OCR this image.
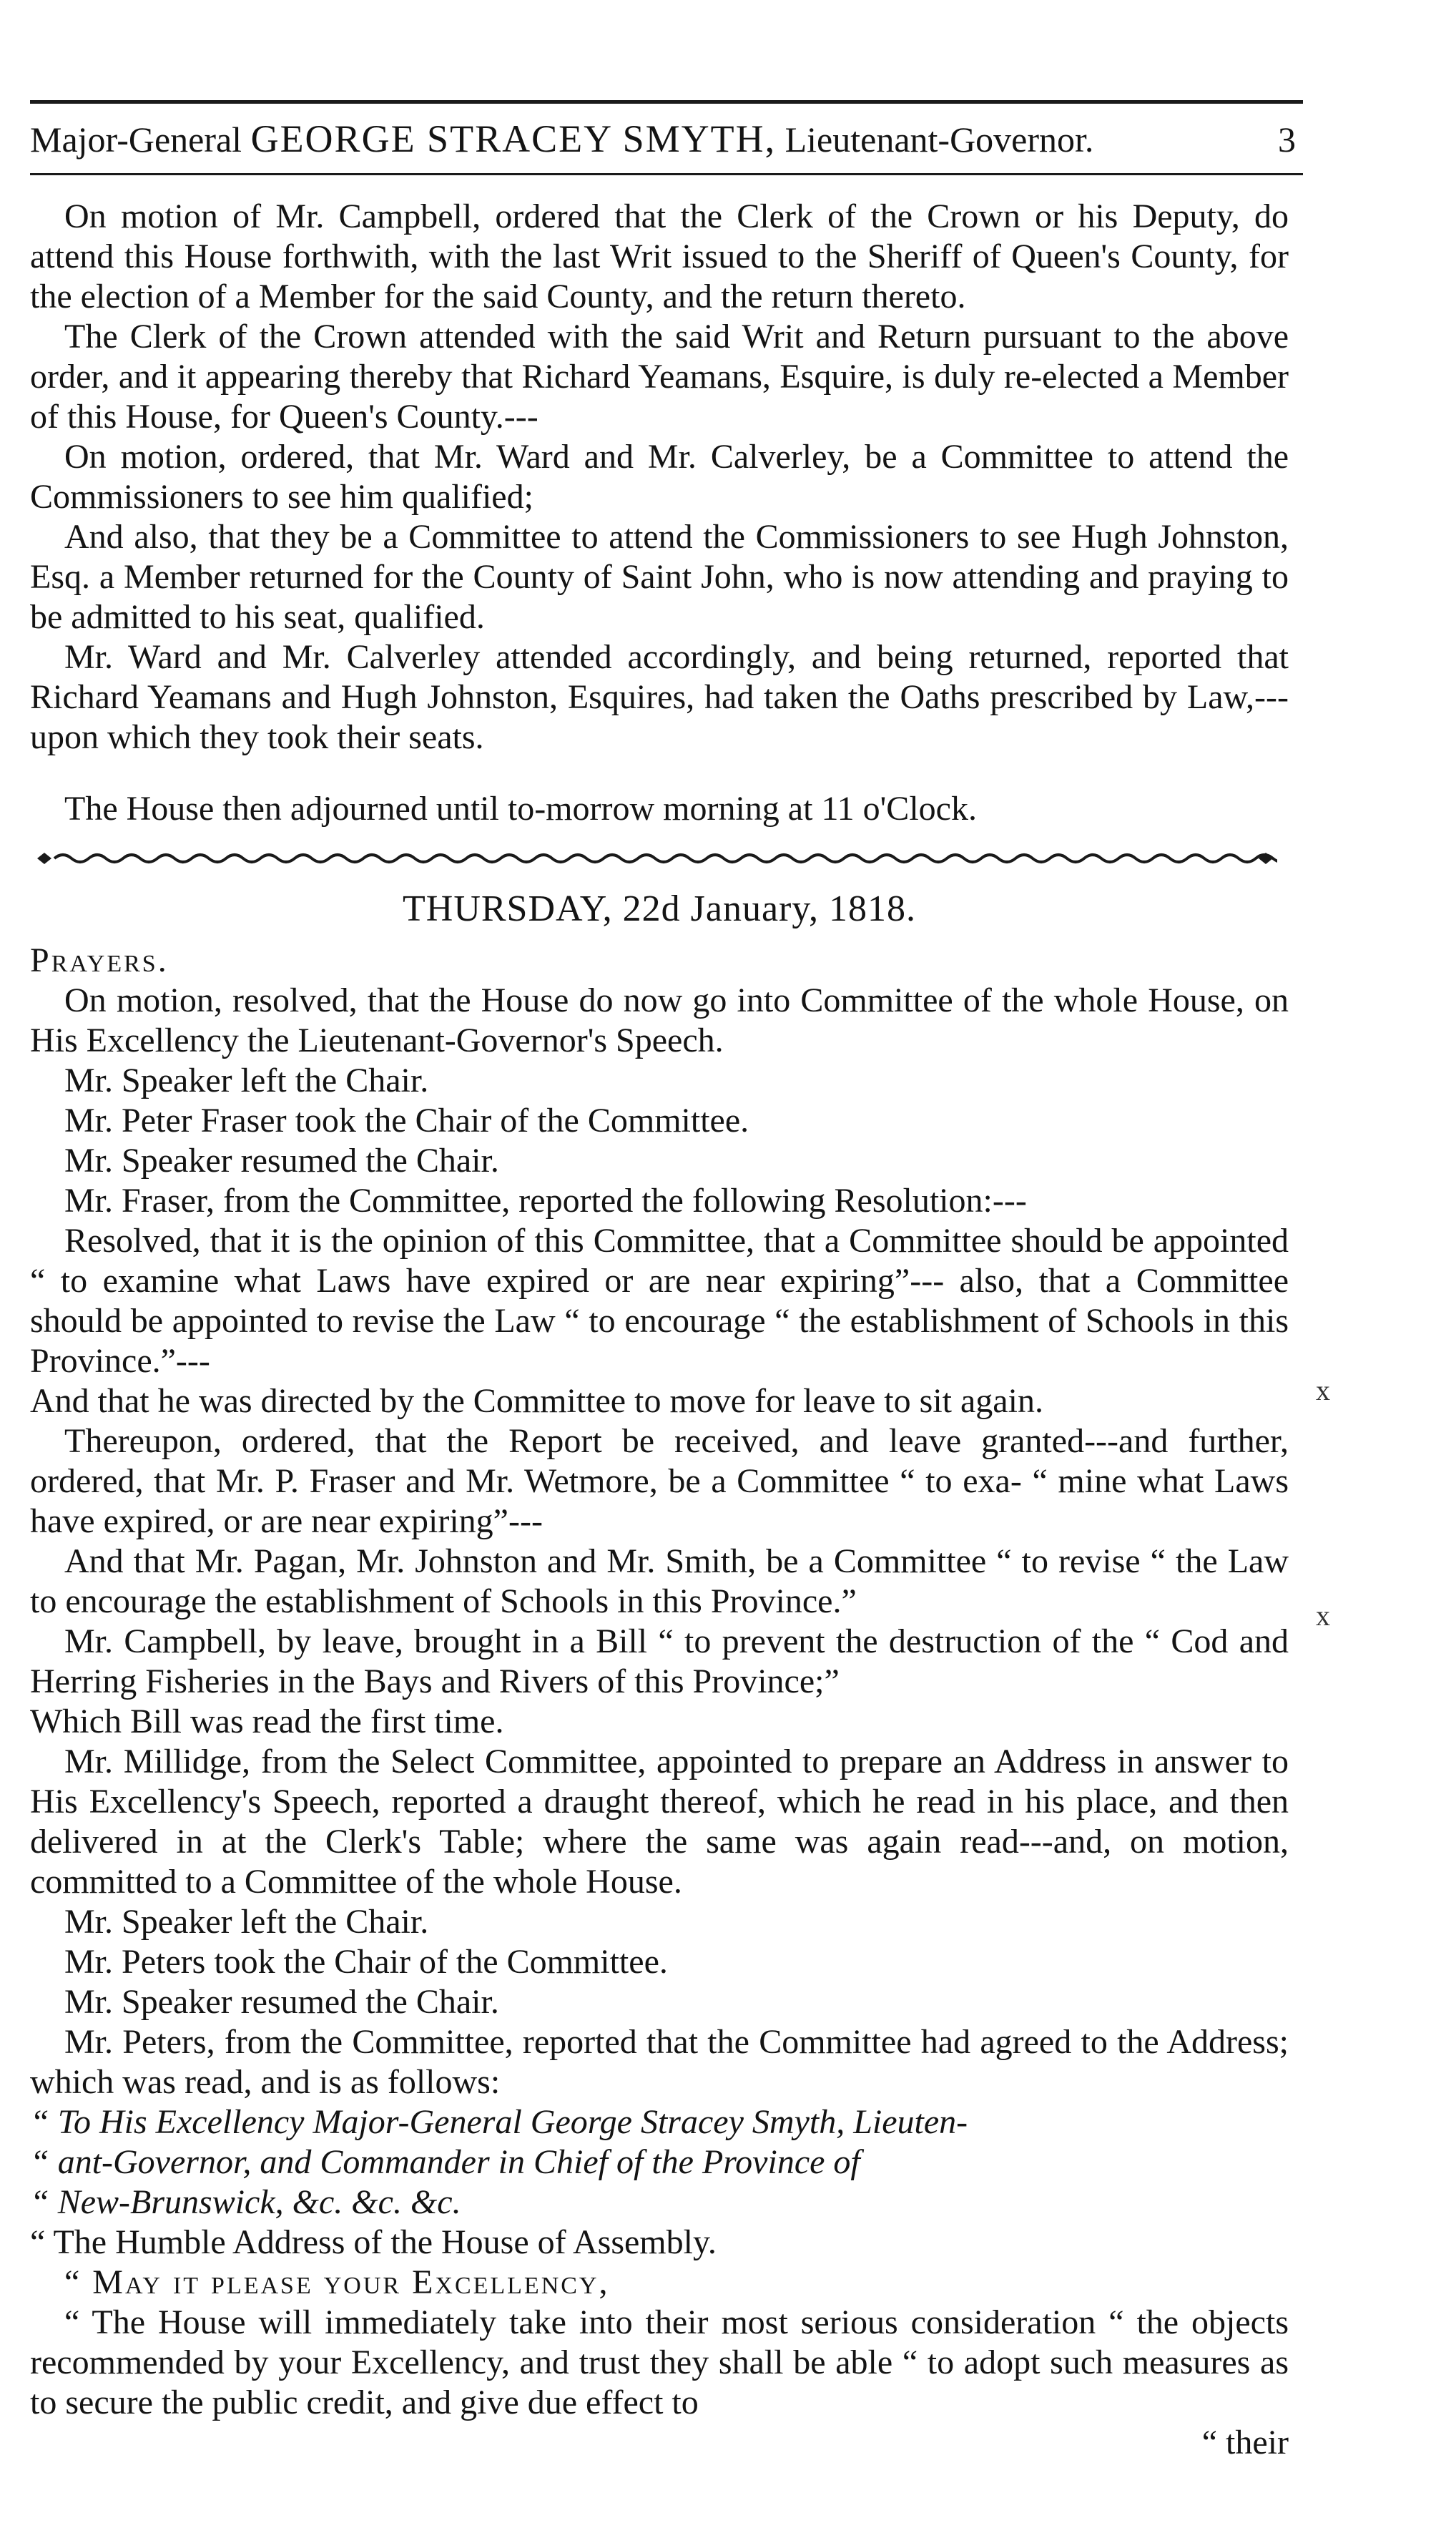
Major-General GEORGE STRACEY SMYTH, Lieutenant-Governor.	3

On motion of Mr. Campbell, ordered that the Clerk of the Crown or his Deputy, do attend this House forthwith, with the last Writ issued to the Sheriff of Queen's County, for the election of a Member for the said County, and the return thereto.

The Clerk of the Crown attended with the said Writ and Return pursuant to the above order, and it appearing thereby that Richard Yeamans, Esquire, is duly re-elected a Member of this House, for Queen's County.---

On motion, ordered, that Mr. Ward and Mr. Calverley, be a Committee to attend the Commissioners to see him qualified;

And also, that they be a Committee to attend the Commissioners to see Hugh Johnston, Esq. a Member returned for the County of Saint John, who is now attending and praying to be admitted to his seat, qualified.

Mr. Ward and Mr. Calverley attended accordingly, and being returned, reported that Richard Yeamans and Hugh Johnston, Esquires, had taken the Oaths prescribed by Law,---upon which they took their seats.

The House then adjourned until to-morrow morning at 11 o'Clock.

THURSDAY, 22d January, 1818.

Prayers.

On motion, resolved, that the House do now go into Committee of the whole House, on His Excellency the Lieutenant-Governor's Speech.

Mr. Speaker left the Chair.

Mr. Peter Fraser took the Chair of the Committee.

Mr. Speaker resumed the Chair.

Mr. Fraser, from the Committee, reported the following Resolution:---

Resolved, that it is the opinion of this Committee, that a Committee should be appointed “ to examine what Laws have expired or are near expiring”--- also, that a Committee should be appointed to revise the Law “ to encourage “ the establishment of Schools in this Province.”---

And that he was directed by the Committee to move for leave to sit again.

Thereupon, ordered, that the Report be received, and leave granted---and further, ordered, that Mr. P. Fraser and Mr. Wetmore, be a Committee “ to exa- “ mine what Laws have expired, or are near expiring”---

And that Mr. Pagan, Mr. Johnston and Mr. Smith, be a Committee “ to revise “ the Law to encourage the establishment of Schools in this Province.”

Mr. Campbell, by leave, brought in a Bill “ to prevent the destruction of the “ Cod and Herring Fisheries in the Bays and Rivers of this Province;”

Which Bill was read the first time.

Mr. Millidge, from the Select Committee, appointed to prepare an Address in answer to His Excellency's Speech, reported a draught thereof, which he read in his place, and then delivered in at the Clerk's Table; where the same was again read---and, on motion, committed to a Committee of the whole House.

Mr. Speaker left the Chair.

Mr. Peters took the Chair of the Committee.

Mr. Speaker resumed the Chair.

Mr. Peters, from the Committee, reported that the Committee had agreed to the Address; which was read, and is as follows:

“ To His Excellency Major-General George Stracey Smyth, Lieuten-

“ ant-Governor, and Commander in Chief of the Province of

“ New-Brunswick, &c. &c. &c.

“ The Humble Address of the House of Assembly.

“ May it please your Excellency,

“ The House will immediately take into their most serious consideration “ the objects recommended by your Excellency, and trust they shall be able “ to adopt such measures as to secure the public credit, and give due effect to

“ their

x
x
